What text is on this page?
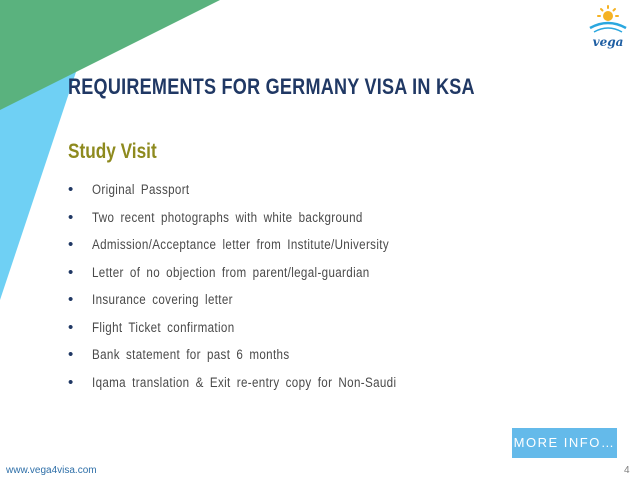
vega
REQUIREMENTS FOR GERMANY VISA IN KSA
Study Visit
• Original Passport
• Two recent photographs with white background
• Admission/Acceptance letter from Institute/University
• Letter of no objection from parent/legal-guardian
• Insurance covering letter
• Flight Ticket confirmation
• Bank statement for past 6 months
• Iqama translation & Exit re-entry copy for Non-Saudi
MORE INFO…
www.vega4visa.com	4
